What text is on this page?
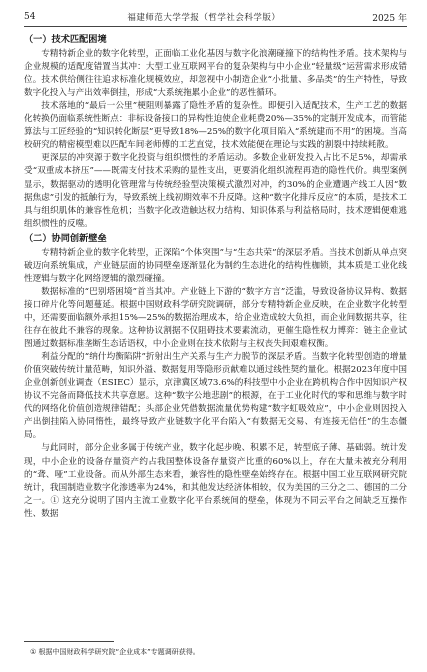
54	福建师范大学学报（哲学社会科学版）	2025 年
（一）技术匹配困境

专精特新企业的数字化转型，正面临工业化基因与数字化浪潮碰撞下的结构性矛盾。技术架构与企业规模的适配度错置当其冲：大型工业互联网平台的复杂架构与中小企业“轻量级”运营需求形成错位。技术供给侧往往追求标准化规模效应，却忽视中小制造企业“小批量、多品类”的生产特性，导致数字化投入与产出效率倒挂，形成“大系统拖累小企业”的恶性循环。

技术落地的“最后一公里”梗阻则暴露了隐性矛盾的复杂性。即便引入适配技术，生产工艺的数据化转换仍面临系统性断点：非标设备接口的异构性迫使企业耗费20%—35%的定制开发成本，而管能算法与工匠经验的“知识转化断层”更导致18%—25%的数字化项目陷入“系统建而不用”的困境。当高校研究的精密模型难以匹配车间老师傅的工艺直觉，技术效能便在理论与实践的割裂中持续耗散。

更深层的冲突源于数字化投资与组织惯性的矛盾运动。多数企业研发投入占比不足5%，却需承受“双重成本挤压”——既需支付技术采购的显性支出，更要消化组织流程再造的隐性代价。典型案例显示，数据驱动的透明化管理常与传统经验型决策模式激烈对冲，约30%的企业遭遇产线工人因“数据焦虑”引发的抵触行为，导致系统上线初期效率不升反降。这种“数字化排斥反应”的本质，是技术工具与组织肌体的兼容性危机；当数字化改造触达权力结构、知识体系与利益格局时，技术逻辑便难逃组织惯性的反噬。

（二）协同创新壁垒

专精特新企业的数字化转型，正深陷“个体突围”与“生态共荣”的深层矛盾。当技术创新从单点突破迈向系统集成，产业链层面的协同壁垒逐渐显化为制约生态进化的结构性枷锁，其本质是工业化线性逻辑与数字化网络逻辑的激烈碰撞。

数据标准的“巴别塔困境”首当其冲。产业链上下游的“数字方言”泛滥，导致设备协议异构、数据接口碎片化等问题蔓延。根据中国财政科学研究院调研，部分专精特新企业反映，在企业数字化转型中，还需要面临额外承担15%—25%的数据治理成本，给企业造成较大负担，而企业间数据共享，往往存在彼此不兼容的现象。这种协议割据不仅阻碍技术要素流动，更催生隐性权力博弈：链主企业试图通过数据标准垄断生态话语权，中小企业则在技术依附与主权丧失间艰难权衡。

利益分配的“纳什均衡陷阱”折射出生产关系与生产力脱节的深层矛盾。当数字化转型创造的增量价值突破传统计量范畴，知识外溢、数据复用等隐形贡献难以通过线性契约量化。根据2023年度中国企业创新创业调查（ESIEC）显示，京津冀区域73.6%的科技型中小企业在跨机构合作中因知识产权协议不完备而降低技术共享意愿。这种“数字公地悲剧”的根源，在于工业化时代的零和思维与数字时代的网络化价值创造规律错配；头部企业凭借数据流量优势构建“数字虹吸效应”，中小企业则因投入产出倒挂陷入协同惰性，最终导致产业链数字化平台陷入“有数据无交易、有连接无信任”的生态僵局。

与此同时，部分企业多属于传统产业，数字化起步晚、积累不足，转型底子薄、基础弱。统计发现，中小企业的设备存量资产约占我国整体设备存量资产比重的60%以上，存在大量未被充分利用的“聋、哑”工业设备。而从外部生态来看，兼容性的隐性壁垒始终存在。根据中国工业互联网研究院统计，我国制造业数字化渗透率为24%，和其他发达经济体相较，仅为美国的三分之二、德国的二分之一。① 这充分说明了国内主流工业数字化平台系统间的壁垒，体现为不同云平台之间缺乏互操作性、数据

① 根据中国财政科学研究院“企业成本”专题调研获得。
